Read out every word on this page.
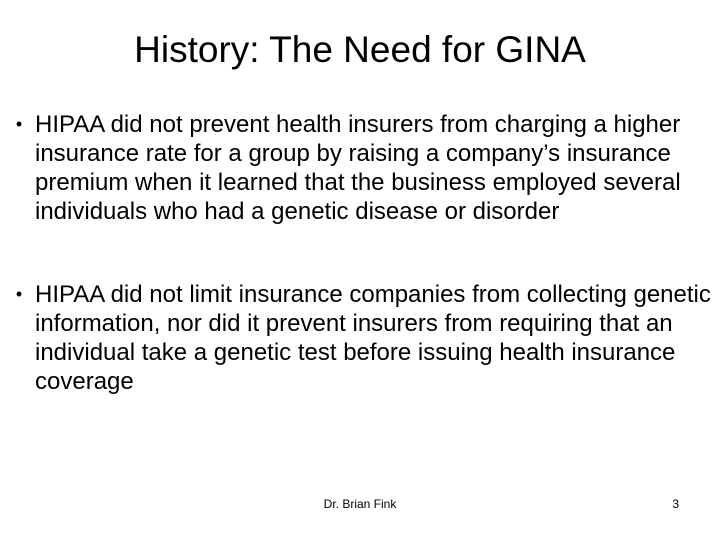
History: The Need for GINA
• HIPAA did not prevent health insurers from charging a higher insurance rate for a group by raising a company’s insurance premium when it learned that the business employed several individuals who had a genetic disease or disorder
• HIPAA did not limit insurance companies from collecting genetic information, nor did it prevent insurers from requiring that an individual take a genetic test before issuing health insurance coverage
Dr. Brian Fink	3
